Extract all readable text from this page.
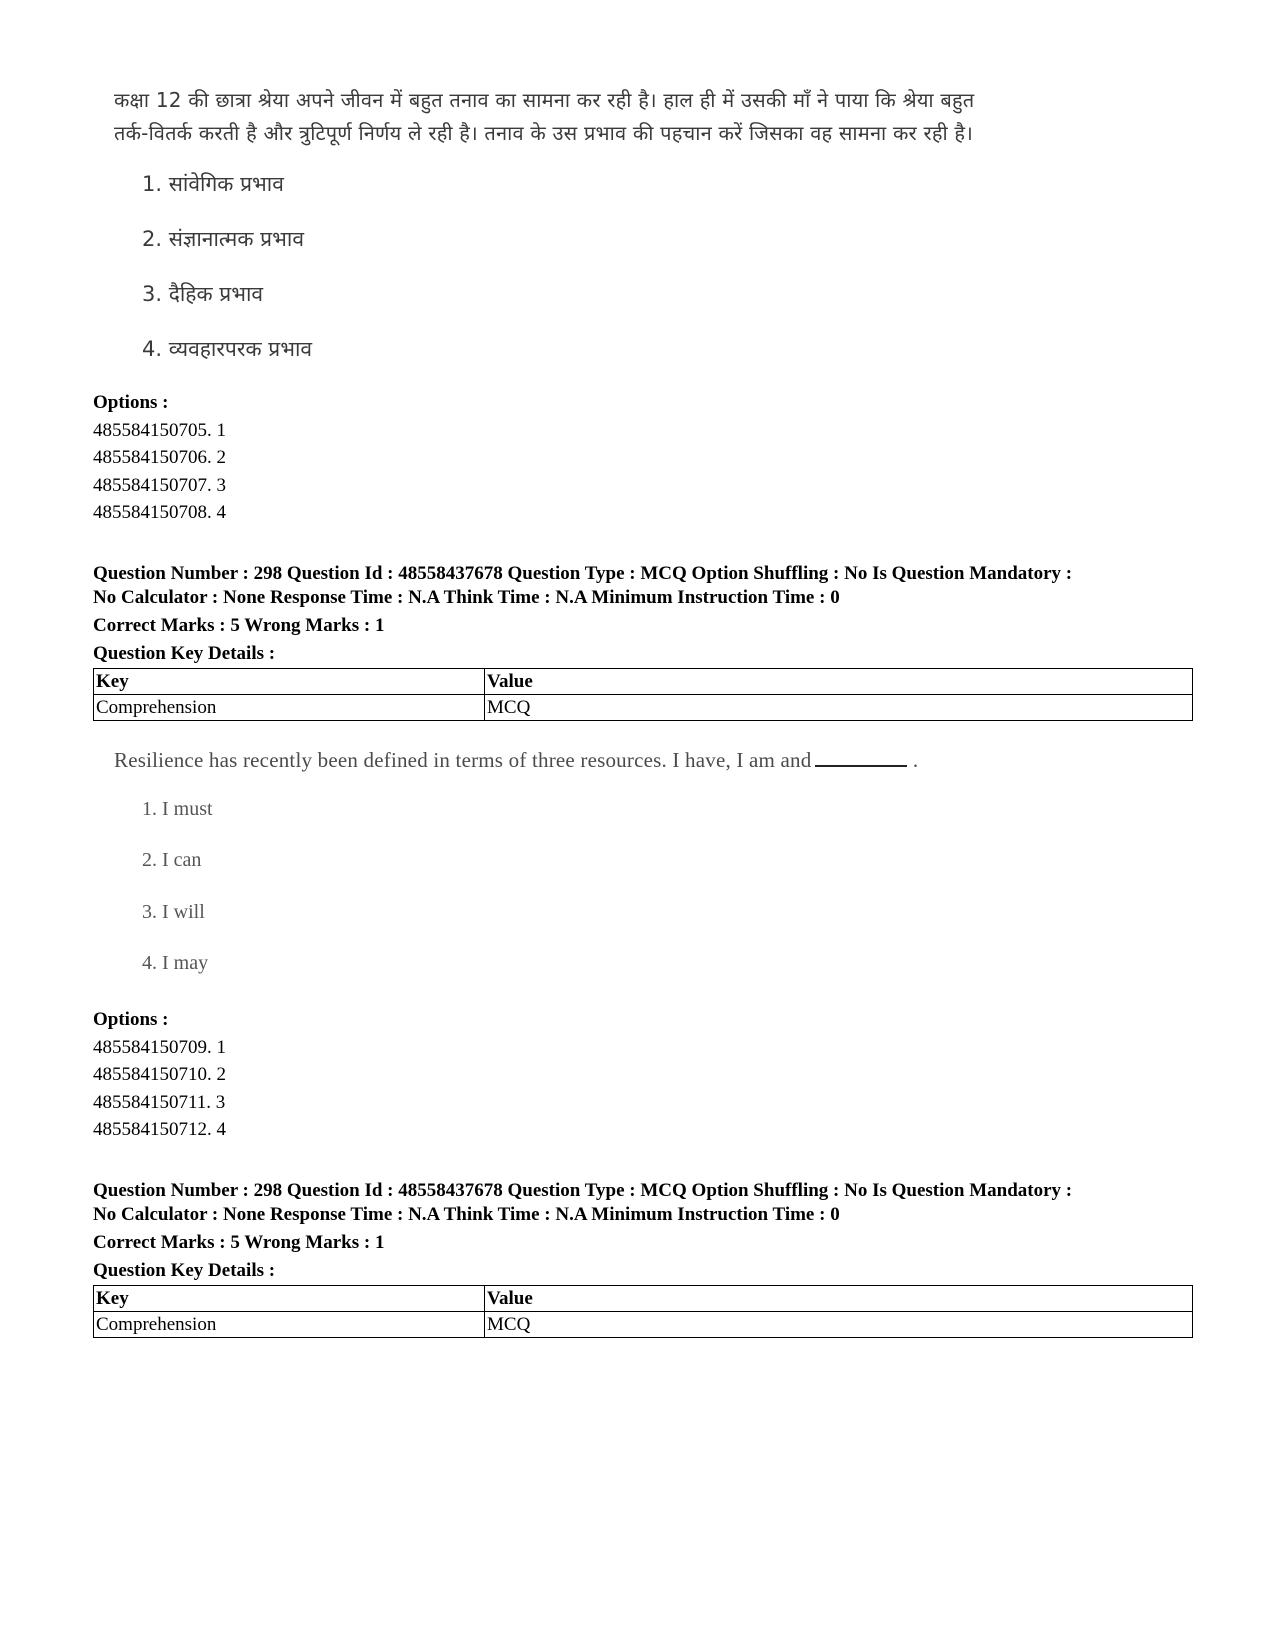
कक्षा 12 की छात्रा श्रेया अपने जीवन में बहुत तनाव का सामना कर रही है। हाल ही में उसकी माँ ने पाया कि श्रेया बहुत
तर्क-वितर्क करती है और त्रुटिपूर्ण निर्णय ले रही है। तनाव के उस प्रभाव की पहचान करें जिसका वह सामना कर रही है।
1. सांवेगिक प्रभाव
2. संज्ञानात्मक प्रभाव
3. दैहिक प्रभाव
4. व्यवहारपरक प्रभाव
Options :
485584150705. 1
485584150706. 2
485584150707. 3
485584150708. 4

Question Number : 298 Question Id : 48558437678 Question Type : MCQ Option Shuffling : No Is Question Mandatory :

No Calculator : None Response Time : N.A Think Time : N.A Minimum Instruction Time : 0

Correct Marks : 5 Wrong Marks : 1

Question Key Details :

Key	Value
Comprehension	MCQ
Resilience has recently been defined in terms of three resources. I have, I am and	.
1. I must
2. I can
3. I will
4. I may
Options :
485584150709. 1
485584150710. 2
485584150711. 3
485584150712. 4

Question Number : 298 Question Id : 48558437678 Question Type : MCQ Option Shuffling : No Is Question Mandatory :

No Calculator : None Response Time : N.A Think Time : N.A Minimum Instruction Time : 0

Correct Marks : 5 Wrong Marks : 1

Question Key Details :

Key	Value
Comprehension	MCQ
